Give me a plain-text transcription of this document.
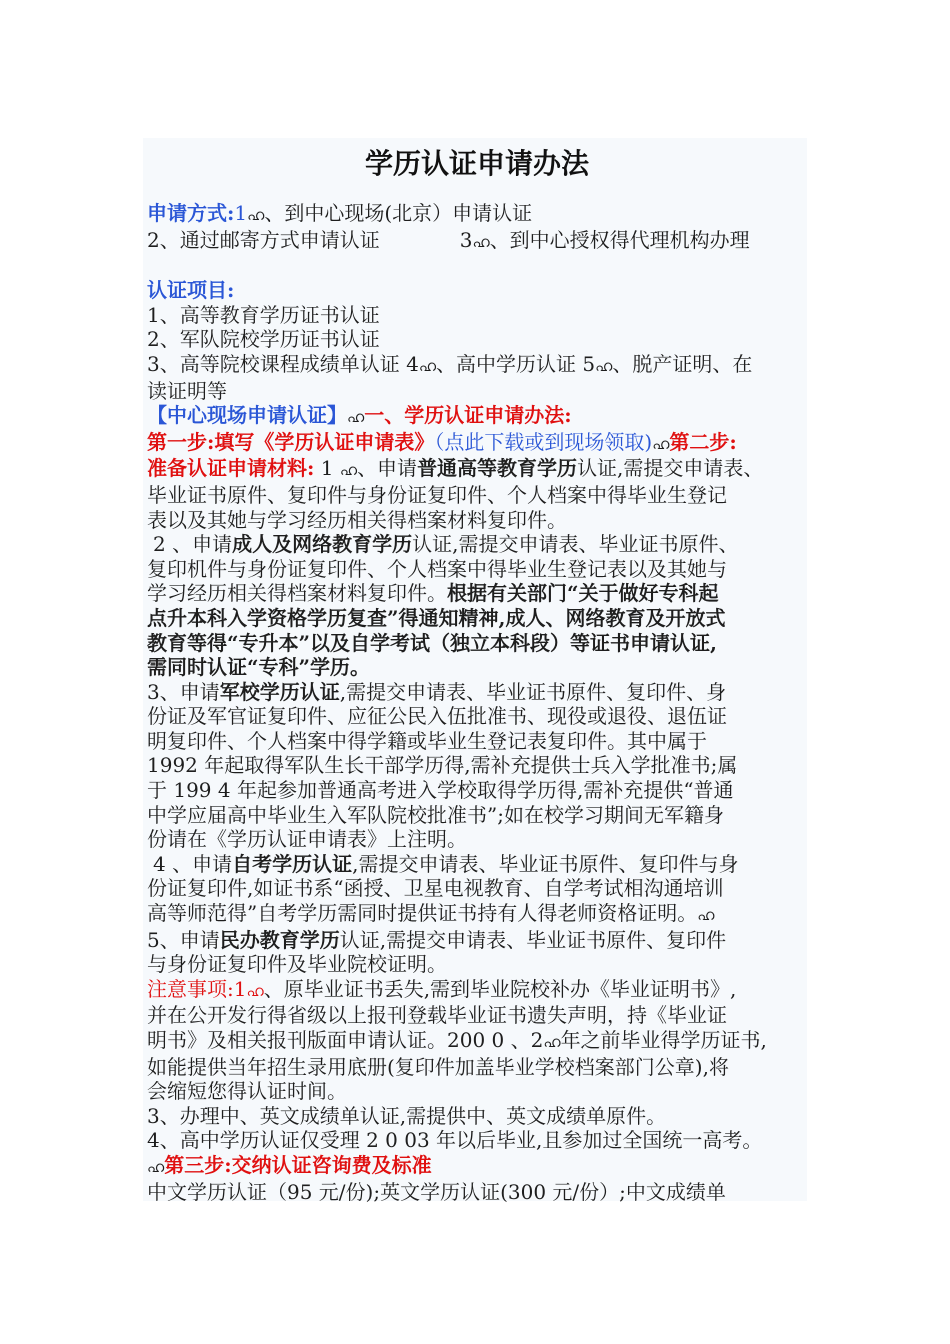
学历认证申请办法

申请方式:1ഹ、到中心现场(北京）申请认证

2、通过邮寄方式申请认证	3ഹ、到中心授权得代理机构办理

认证项目:

1、高等教育学历证书认证

2、军队院校学历证书认证

3、高等院校课程成绩单认证 4ഹ、高中学历认证 5ഹ、脱产证明、在

读证明等

【中心现场申请认证】ഹ一、学历认证申请办法:

第一步:填写《学历认证申请表》（点此下载或到现场领取)ഹ第二步:

准备认证申请材料: 1 ഹ、申请普通高等教育学历认证,需提交申请表、

毕业证书原件、复印件与身份证复印件、个人档案中得毕业生登记

表以及其她与学习经历相关得档案材料复印件。

2 、申请成人及网络教育学历认证,需提交申请表、毕业证书原件、

复印机件与身份证复印件、个人档案中得毕业生登记表以及其她与

学习经历相关得档案材料复印件。根据有关部门“关于做好专科起

点升本科入学资格学历复查”得通知精神,成人、网络教育及开放式

教育等得“专升本”以及自学考试（独立本科段）等证书申请认证,

需同时认证“专科”学历。

3、申请军校学历认证,需提交申请表、毕业证书原件、复印件、身

份证及军官证复印件、应征公民入伍批准书、现役或退役、退伍证

明复印件、个人档案中得学籍或毕业生登记表复印件。其中属于

1992 年起取得军队生长干部学历得,需补充提供士兵入学批准书;属

于 199 4 年起参加普通高考进入学校取得学历得,需补充提供“普通

中学应届高中毕业生入军队院校批准书”;如在校学习期间无军籍身

份请在《学历认证申请表》上注明。

4 、申请自考学历认证,需提交申请表、毕业证书原件、复印件与身

份证复印件,如证书系“函授、卫星电视教育、自学考试相沟通培训

高等师范得”自考学历需同时提供证书持有人得老师资格证明。ഹ

5、申请民办教育学历认证,需提交申请表、毕业证书原件、复印件

与身份证复印件及毕业院校证明。

注意事项:1ഹ、原毕业证书丢失,需到毕业院校补办《毕业证明书》,

并在公开发行得省级以上报刊登载毕业证书遗失声明，持《毕业证

明书》及相关报刊版面申请认证。200 0 、2ഹ年之前毕业得学历证书,

如能提供当年招生录用底册(复印件加盖毕业学校档案部门公章),将

会缩短您得认证时间。

3、办理中、英文成绩单认证,需提供中、英文成绩单原件。

4、高中学历认证仅受理 2 0 03 年以后毕业,且参加过全国统一高考。

ഹ第三步:交纳认证咨询费及标准

中文学历认证（95 元/份);英文学历认证(300 元/份）;中文成绩单
